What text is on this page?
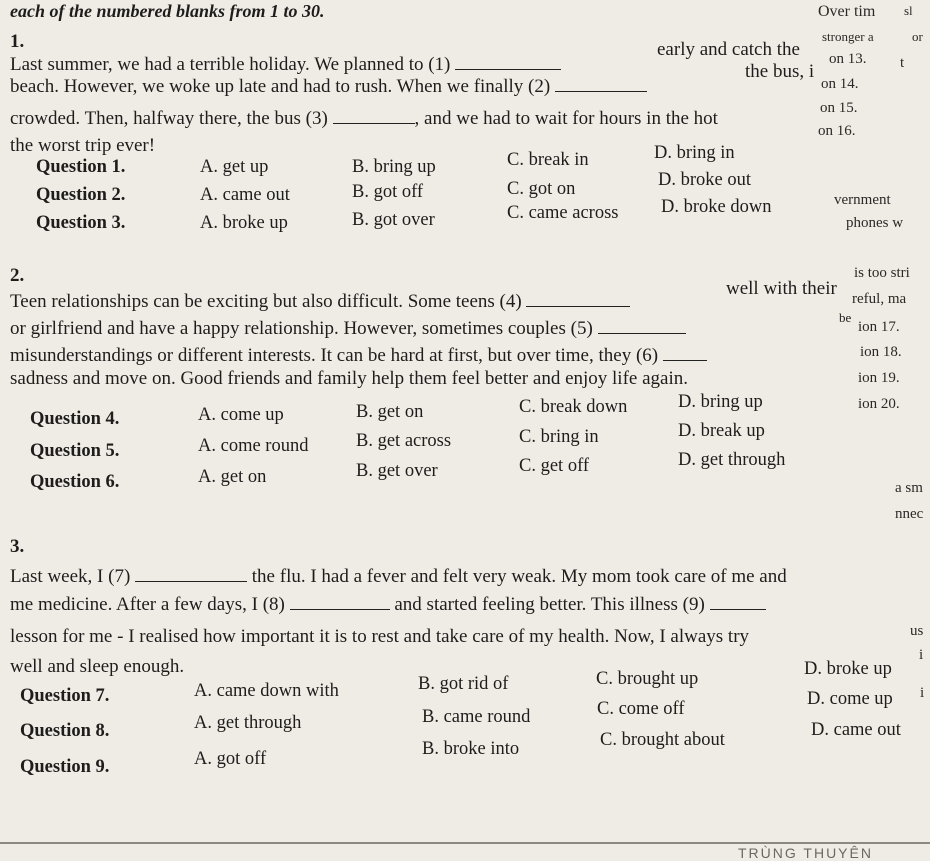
Over tim sl
stronger a	or
on 13. t
on 14.
on 15.
on 16.
vernment
phones w
is too stri
reful, ma
ion 17.
ion 18.
ion 19.
ion 20.
a sm
nnec
us
i
i
TRÙNG THUYÊN
each of the numbered blanks from 1 to 30.
1.
Last summer, we had a terrible holiday. We planned to (1)
early and catch the
beach. However, we woke up late and had to rush. When we finally (2)
the bus, i
crowded. Then, halfway there, the bus (3)	, and we had to wait for hours in the hot
the worst trip ever!
Question 1.	A. get up	B. bring up	C. break in	D. bring in
Question 2.	A. came out	B. got off	C. got on	D. broke out
Question 3.	A. broke up	B. got over	C. came across D. broke down
2.
Teen relationships can be exciting but also difficult. Some teens (4)
well with their
or girlfriend and have a happy relationship. However, sometimes couples (5)
be
misunderstandings or different interests. It can be hard at first, but over time, they (6)
sadness and move on. Good friends and family help them feel better and enjoy life again.
Question 4.	A. come up	B. get on	C. break down	D. bring up
Question 5.	A. come round	B. get across	C. bring in	D. break up
Question 6.	A. get on	B. get over	C. get off	D. get through
3.
Last week, I (7)	the flu. I had a fever and felt very weak. My mom took care of me and
me medicine. After a few days, I (8)	and started feeling better. This illness (9)
lesson for me - I realised how important it is to rest and take care of my health. Now, I always try
well and sleep enough.
Question 7.	A. came down with	B. got rid of	C. brought up	D. broke up
Question 8.	A. get through	B. came round	C. come off	D. come up
Question 9.	A. got off	B. broke into	C. brought about	D. came out
